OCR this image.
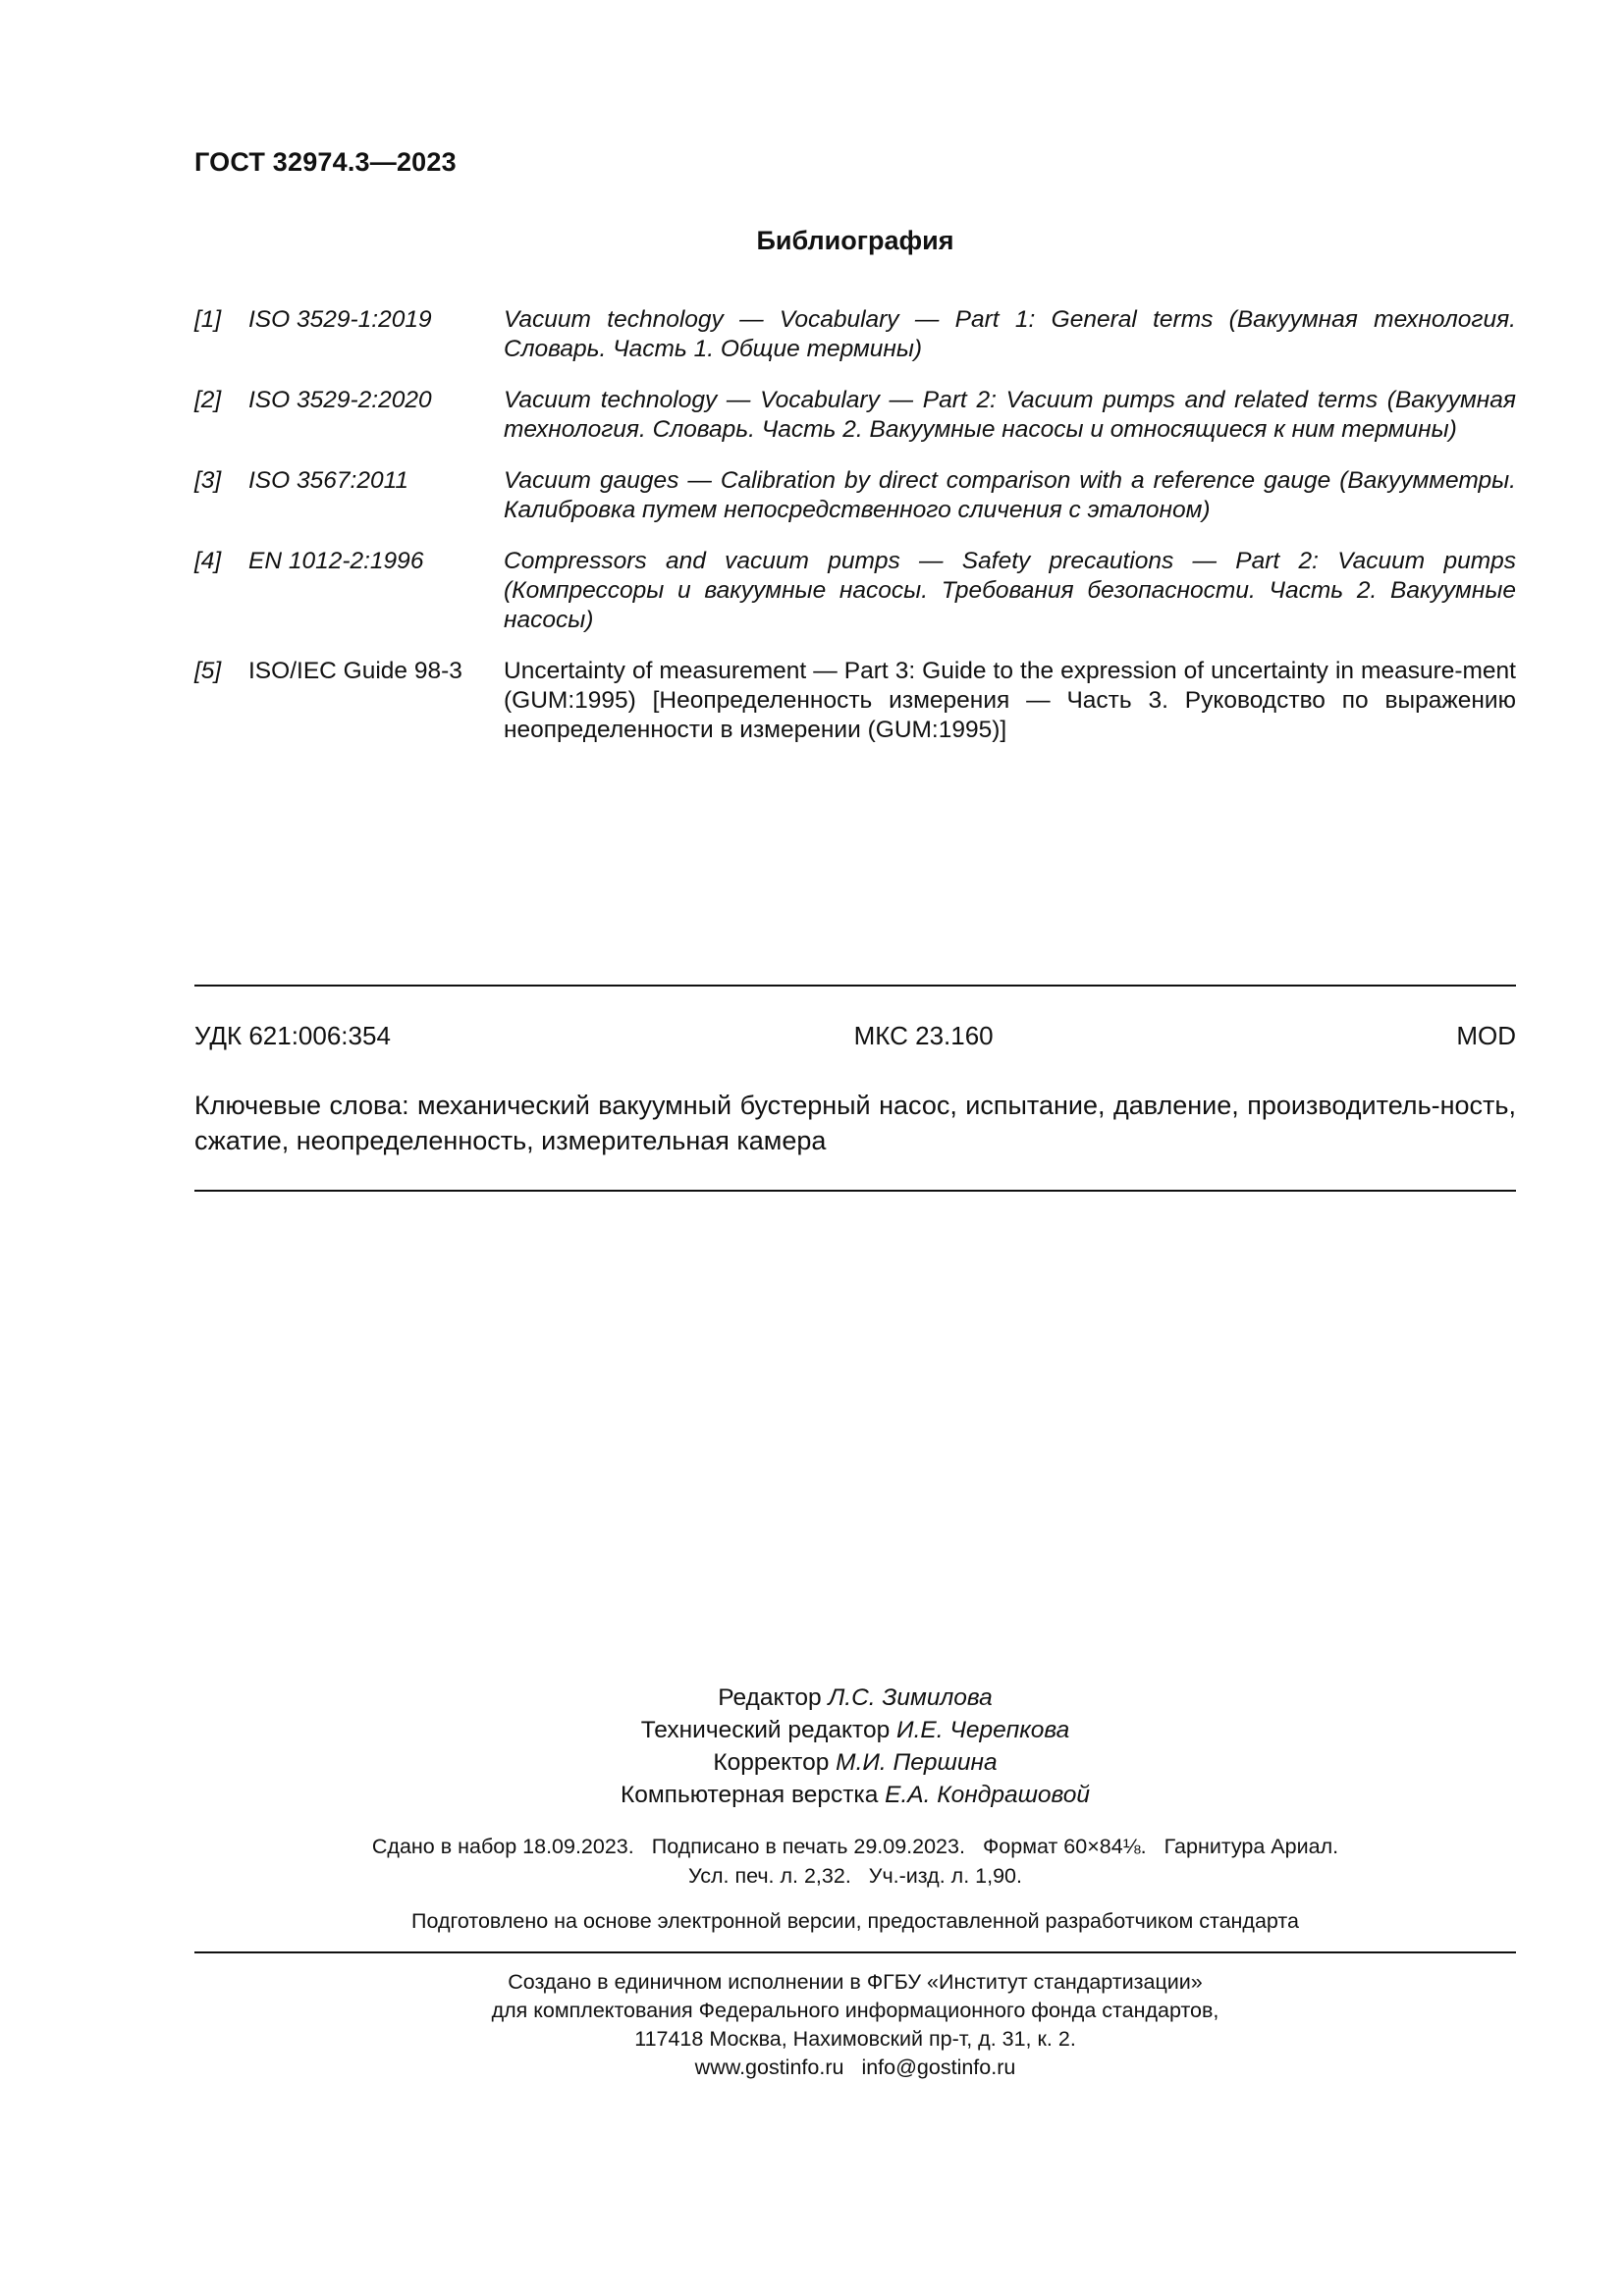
ГОСТ 32974.3—2023
Библиография
[1]	ISO 3529-1:2019	Vacuum technology — Vocabulary — Part 1: General terms (Вакуумная технология. Словарь. Часть 1. Общие термины)
[2]	ISO 3529-2:2020	Vacuum technology — Vocabulary — Part 2: Vacuum pumps and related terms (Вакуумная технология. Словарь. Часть 2. Вакуумные насосы и относящиеся к ним термины)
[3]	ISO 3567:2011	Vacuum gauges — Calibration by direct comparison with a reference gauge (Вакуумметры. Калибровка путем непосредственного сличения с эталоном)
[4]	EN 1012-2:1996	Compressors and vacuum pumps — Safety precautions — Part 2: Vacuum pumps (Компрессоры и вакуумные насосы. Требования безопасности. Часть 2. Вакуумные насосы)
[5]	ISO/IEC Guide 98-3	Uncertainty of measurement — Part 3: Guide to the expression of uncertainty in measure-ment (GUM:1995) [Неопределенность измерения — Часть 3. Руководство по выражению неопределенности в измерении (GUM:1995)]
УДК 621:006:354	МКС 23.160	MOD
Ключевые слова: механический вакуумный бустерный насос, испытание, давление, производитель-ность, сжатие, неопределенность, измерительная камера
Редактор Л.С. Зимилова
Технический редактор И.Е. Черепкова
Корректор М.И. Першина
Компьютерная верстка Е.А. Кондрашовой
Сдано в набор 18.09.2023. Подписано в печать 29.09.2023. Формат 60×84⅛. Гарнитура Ариал.
Усл. печ. л. 2,32. Уч.-изд. л. 1,90.
Подготовлено на основе электронной версии, предоставленной разработчиком стандарта
Создано в единичном исполнении в ФГБУ «Институт стандартизации»
для комплектования Федерального информационного фонда стандартов,
117418 Москва, Нахимовский пр-т, д. 31, к. 2.
www.gostinfo.ru info@gostinfo.ru
